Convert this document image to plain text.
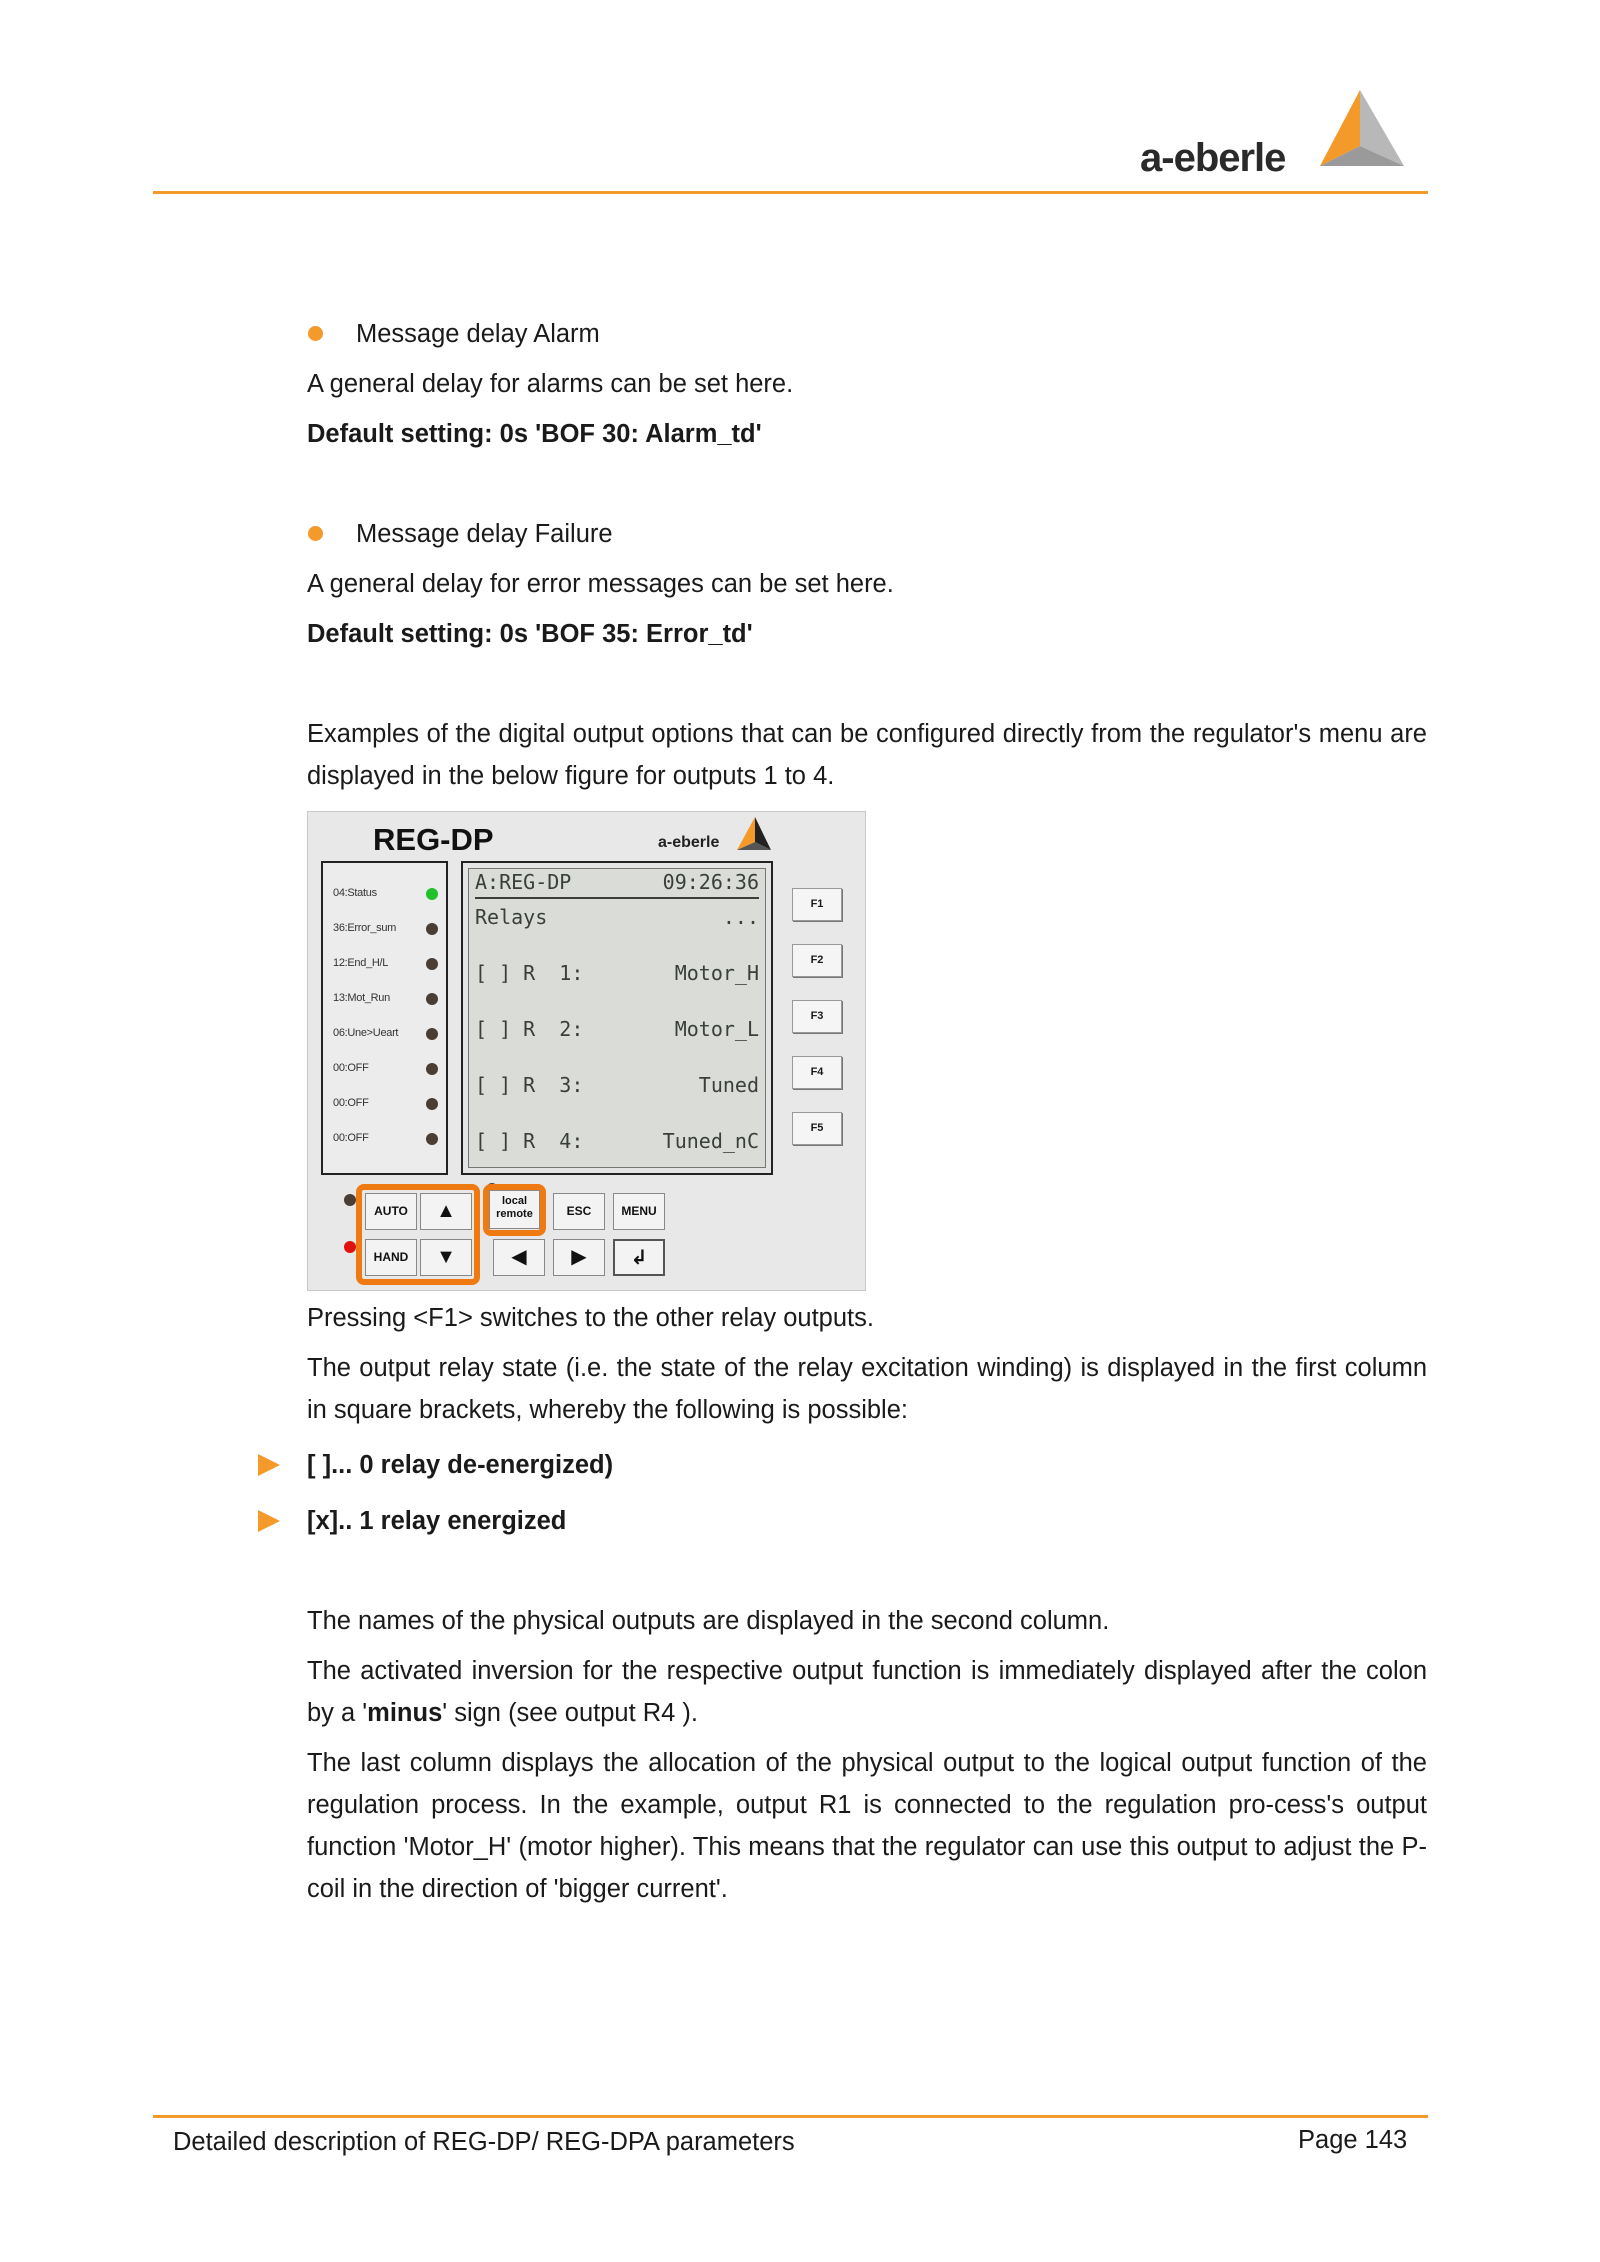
a-eberle
Message delay Alarm
A general delay for alarms can be set here.
Default setting: 0s 'BOF 30: Alarm_td'
Message delay Failure
A general delay for error messages can be set here.
Default setting: 0s 'BOF 35: Error_td'
Examples of the digital output options that can be configured directly from the regulator's menu are displayed in the below figure for outputs 1 to 4.
REG-DP	a-eberle
04:Status
36:Error_sum
12:End_H/L
13:Mot_Run
06:Une>Ueart
00:OFF
00:OFF
00:OFF
A:REG-DP	09:26:36
Relays	...
[ ] R  1:	Motor_H
[ ] R  2:	Motor_L
[ ] R  3:	Tuned
[ ] R  4:	Tuned_nC
F1
F2
F3
F4
F5
AUTO
HAND
▲
▼
local
remote	ESC	MENU
◀	▶	↲
Pressing <F1> switches to the other relay outputs.
The output relay state (i.e. the state of the relay excitation winding) is displayed in the first column in square brackets, whereby the following is possible:
[ ]... 0 relay de-energized)
[x].. 1 relay energized
The names of the physical outputs are displayed in the second column.
The activated inversion for the respective output function is immediately displayed after the colon by a 'minus' sign (see output R4 ).
The last column displays the allocation of the physical output to the logical output function of the regulation process. In the example, output R1 is connected to the regulation pro-cess's output function 'Motor_H' (motor higher). This means that the regulator can use this output to adjust the P-coil in the direction of 'bigger current'.
Detailed description of REG-DP/ REG-DPA parameters	Page 143
